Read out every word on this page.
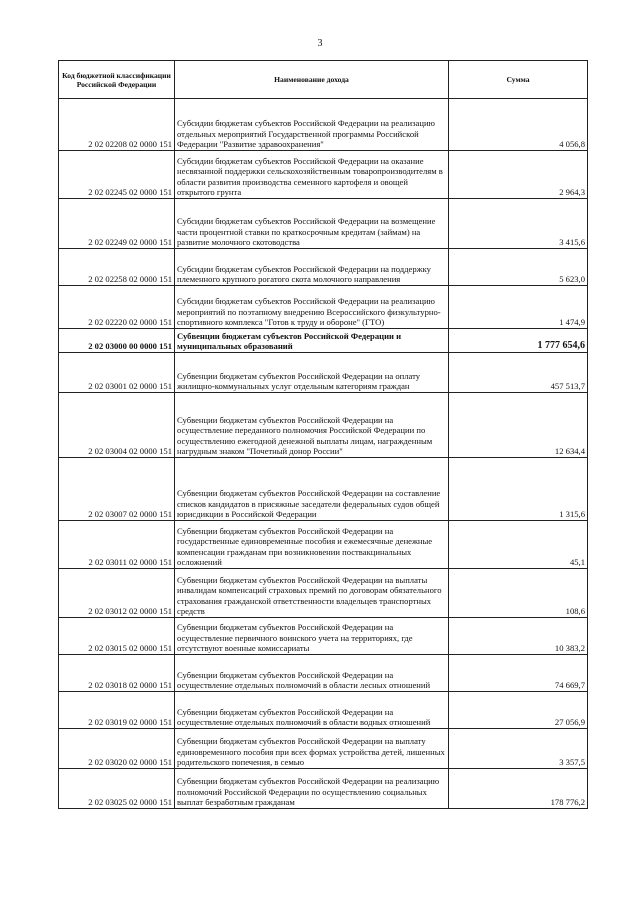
3
Код бюджетной классификации Российской Федерации	Наименование дохода	Сумма
2 02 02208 02 0000 151	Субсидии бюджетам субъектов Российской Федерации на реализацию отдельных мероприятий Государственной программы Российской Федерации "Развитие здравоохранения"	4 056,8
2 02 02245 02 0000 151	Субсидии бюджетам субъектов Российской Федерации на оказание несвязанной поддержки сельскохозяйственным товаропроизводителям в области развития производства семенного картофеля и овощей открытого грунта	2 964,3
2 02 02249 02 0000 151	Субсидии бюджетам субъектов Российской Федерации на возмещение части процентной ставки по краткосрочным кредитам (займам) на развитие молочного скотоводства	3 415,6
2 02 02258 02 0000 151	Субсидии бюджетам субъектов Российской Федерации на поддержку племенного крупного рогатого скота молочного направления	5 623,0
2 02 02220 02 0000 151	Субсидии бюджетам субъектов Российской Федерации на реализацию мероприятий по поэтапному внедрению Всероссийского физкультурно-спортивного комплекса "Готов к труду и обороне" (ГТО)	1 474,9
2 02 03000 00 0000 151	Субвенции бюджетам субъектов Российской Федерации и муниципальных образований	1 777 654,6
2 02 03001 02 0000 151	Субвенции бюджетам субъектов Российской Федерации на оплату жилищно-коммунальных услуг отдельным категориям граждан	457 513,7
2 02 03004 02 0000 151	Субвенции бюджетам субъектов Российской Федерации на осуществление переданного полномочия Российской Федерации по осуществлению ежегодной денежной выплаты лицам, награжденным нагрудным знаком "Почетный донор России"	12 634,4
2 02 03007 02 0000 151	Субвенции бюджетам субъектов Российской Федерации на составление списков кандидатов в присяжные заседатели федеральных судов общей юрисдикции в Российской Федерации	1 315,6
2 02 03011 02 0000 151	Субвенции бюджетам субъектов Российской Федерации на государственные единовременные пособия и ежемесячные денежные компенсации гражданам при возникновении поствакцинальных осложнений	45,1
2 02 03012 02 0000 151	Субвенции бюджетам субъектов Российской Федерации на выплаты инвалидам компенсаций страховых премий по договорам обязательного страхования гражданской ответственности владельцев транспортных средств	108,6
2 02 03015 02 0000 151	Субвенции бюджетам субъектов Российской Федерации на осуществление первичного воинского учета на территориях, где отсутствуют военные комиссариаты	10 383,2
2 02 03018 02 0000 151	Субвенции бюджетам субъектов Российской Федерации на осуществление отдельных полномочий в области лесных отношений	74 669,7
2 02 03019 02 0000 151	Субвенции бюджетам субъектов Российской Федерации на осуществление отдельных полномочий в области водных отношений	27 056,9
2 02 03020 02 0000 151	Субвенции бюджетам субъектов Российской Федерации на выплату единовременного пособия при всех формах устройства детей, лишенных родительского попечения, в семью	3 357,5
2 02 03025 02 0000 151	Субвенции бюджетам субъектов Российской Федерации на реализацию полномочий Российской Федерации по осуществлению социальных выплат безработным гражданам	178 776,2
